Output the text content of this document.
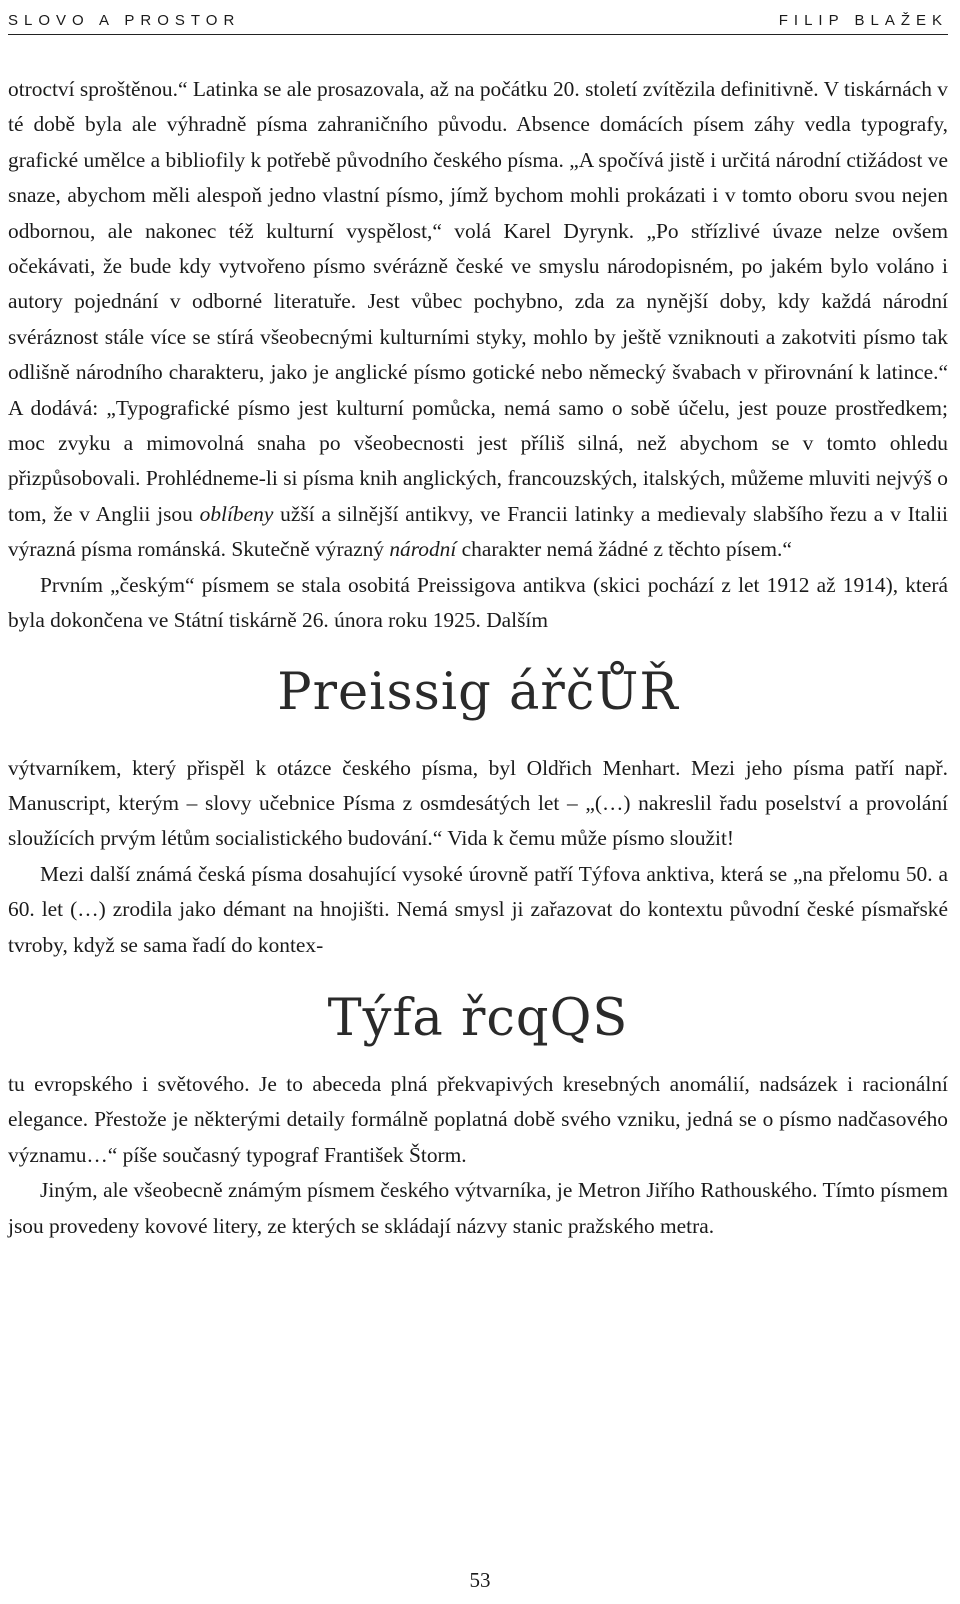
SLOVO A PROSTOR	FILIP BLAŽEK

otroctví sproštěnou.“ Latinka se ale prosazovala, až na počátku 20. století zvítězila definitivně. V tiskárnách v té době byla ale výhradně písma zahraničního původu. Absence domácích písem záhy vedla typografy, grafické umělce a bibliofily k potřebě původního českého písma. „A spočívá jistě i určitá národní ctižádost ve snaze, abychom měli alespoň jedno vlastní písmo, jímž bychom mohli prokázati i v tomto oboru svou nejen odbornou, ale nakonec též kulturní vyspělost,“ volá Karel Dyrynk. „Po střízlivé úvaze nelze ovšem očekávati, že bude kdy vytvořeno písmo svérázně české ve smyslu národopisném, po jakém bylo voláno i autory pojednání v odborné literatuře. Jest vůbec pochybno, zda za nynější doby, kdy každá národní svéráznost stále více se stírá všeobecnými kulturními styky, mohlo by ještě vzniknouti a zakotviti písmo tak odlišně národního charakteru, jako je anglické písmo gotické nebo německý švabach v přirovnání k latince.“ A dodává: „Typografické písmo jest kulturní pomůcka, nemá samo o sobě účelu, jest pouze prostředkem; moc zvyku a mimovolná snaha po všeobecnosti jest příliš silná, než abychom se v tomto ohledu přizpůsobovali. Prohlédneme-li si písma knih anglických, francouzských, italských, můžeme mluviti nejvýš o tom, že v Anglii jsou oblíbeny užší a silnější antikvy, ve Francii latinky a medievaly slabšího řezu a v Italii výrazná písma románská. Skutečně výrazný národní charakter nemá žádné z těchto písem.“

Prvním „českým“ písmem se stala osobitá Preissigova antikva (skici pochází z let 1912 až 1914), která byla dokončena ve Státní tiskárně 26. února roku 1925. Dalším

Preissig ářčŮŘ

výtvarníkem, který přispěl k otázce českého písma, byl Oldřich Menhart. Mezi jeho písma patří např. Manuscript, kterým – slovy učebnice Písma z osmdesátých let – „(…) nakreslil řadu poselství a provolání sloužících prvým létům socialistického budování.“ Vida k čemu může písmo sloužit!

Mezi další známá česká písma dosahující vysoké úrovně patří Týfova anktiva, která se „na přelomu 50. a 60. let (…) zrodila jako démant na hnojišti. Nemá smysl ji zařazovat do kontextu původní české písmařské tvroby, když se sama řadí do kontex-

Týfa řcqQS

tu evropského i světového. Je to abeceda plná překvapivých kresebných anomálií, nadsázek i racionální elegance. Přestože je některými detaily formálně poplatná době svého vzniku, jedná se o písmo nadčasového významu…“ píše současný typograf František Štorm.

Jiným, ale všeobecně známým písmem českého výtvarníka, je Metron Jiřího Rathouského. Tímto písmem jsou provedeny kovové litery, ze kterých se skládají názvy stanic pražského metra.

53
